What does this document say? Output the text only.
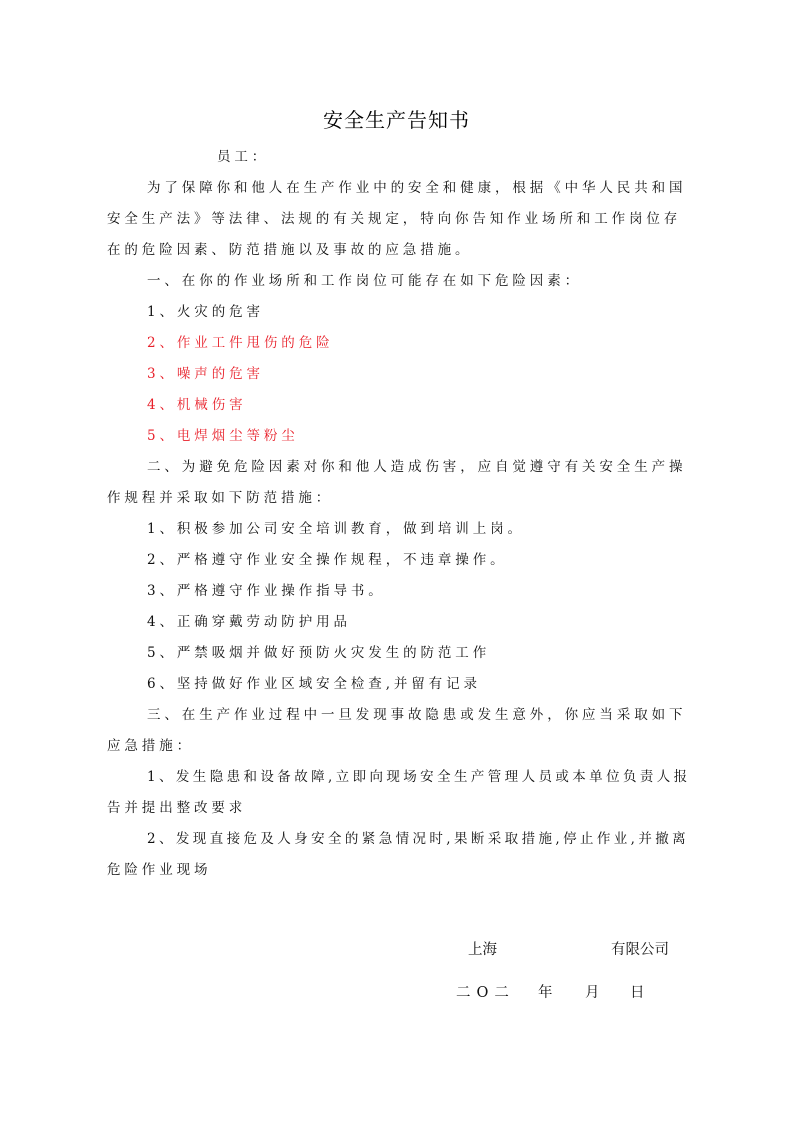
安全生产告知书
员工：
为了保障你和他人在生产作业中的安全和健康，根据《中华人民共和国
安全生产法》等法律、法规的有关规定，特向你告知作业场所和工作岗位存
在的危险因素、防范措施以及事故的应急措施。
一、在你的作业场所和工作岗位可能存在如下危险因素：
1、火灾的危害
2、作业工件甩伤的危险
3、噪声的危害
4、机械伤害
5、电焊烟尘等粉尘
二、为避免危险因素对你和他人造成伤害，应自觉遵守有关安全生产操
作规程并采取如下防范措施：
1、积极参加公司安全培训教育，做到培训上岗。
2、严格遵守作业安全操作规程，不违章操作。
3、严格遵守作业操作指导书。
4、正确穿戴劳动防护用品
5、严禁吸烟并做好预防火灾发生的防范工作
6、坚持做好作业区域安全检查,并留有记录
三、在生产作业过程中一旦发现事故隐患或发生意外，你应当采取如下
应急措施：
1、发生隐患和设备故障,立即向现场安全生产管理人员或本单位负责人报
告并提出整改要求
2、发现直接危及人身安全的紧急情况时,果断采取措施,停止作业,并撤离
危险作业现场
上海	有限公司
二O二 年 月 日
